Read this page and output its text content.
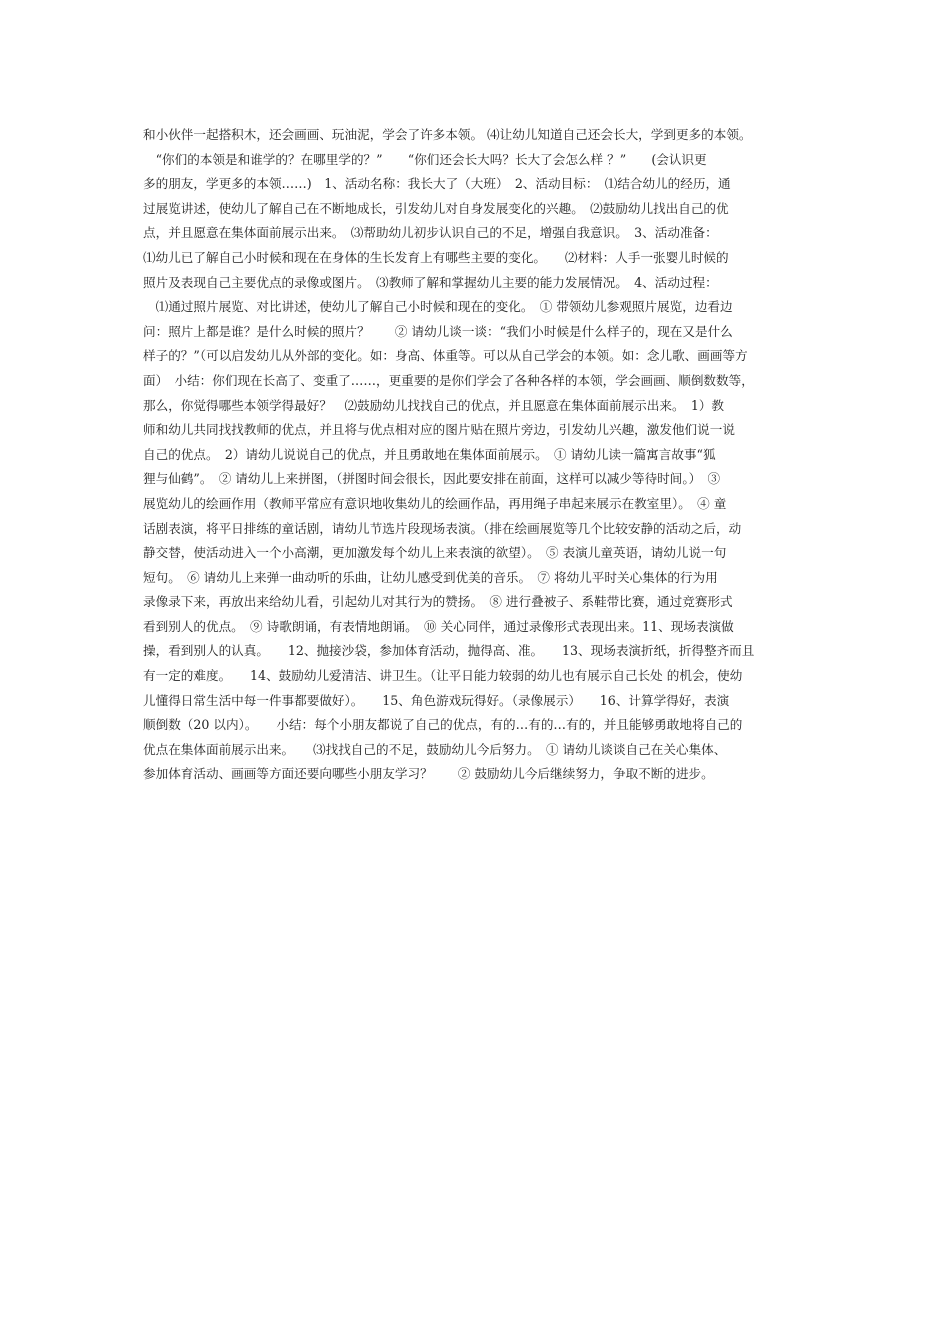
和小伙伴一起搭积木，还会画画、玩油泥，学会了许多本领。 ⑷让幼儿知道自己还会长大，学到更多的本领。
　“你们的本领是和谁学的？在哪里学的？”　　“你们还会长大吗？长大了会怎么样 ？”　　(会认识更
多的朋友，学更多的本领……)　1、活动名称：我长大了（大班）　2、活动目标：　⑴结合幼儿的经历，通
过展览讲述，使幼儿了解自己在不断地成长，引发幼儿对自身发展变化的兴趣。　⑵鼓励幼儿找出自己的优
点，并且愿意在集体面前展示出来。　⑶帮助幼儿初步认识自己的不足，增强自我意识。　3、活动准备：
⑴幼儿已了解自己小时候和现在在身体的生长发育上有哪些主要的变化。　　⑵材料：人手一张婴儿时候的
照片及表现自己主要优点的录像或图片。　⑶教师了解和掌握幼儿主要的能力发展情况。　4、活动过程：
　⑴通过照片展览、对比讲述，使幼儿了解自己小时候和现在的变化。　① 带领幼儿参观照片展览，边看边
问：照片上都是谁？是什么时候的照片？　　② 请幼儿谈一谈：“我们小时候是什么样子的，现在又是什么
样子的？”（可以启发幼儿从外部的变化。如：身高、体重等。可以从自己学会的本领。如：念儿歌、画画等方
面）　小结：你们现在长高了、变重了……，更重要的是你们学会了各种各样的本领，学会画画、顺倒数数等，
那么，你觉得哪些本领学得最好？　⑵鼓励幼儿找找自己的优点，并且愿意在集体面前展示出来。　1）教
师和幼儿共同找找教师的优点，并且将与优点相对应的图片贴在照片旁边，引发幼儿兴趣，激发他们说一说
自己的优点。　2）请幼儿说说自己的优点，并且勇敢地在集体面前展示。　① 请幼儿读一篇寓言故事“狐
狸与仙鹤”。　② 请幼儿上来拼图，（拼图时间会很长，因此要安排在前面，这样可以减少等待时间。）　③
展览幼儿的绘画作用（教师平常应有意识地收集幼儿的绘画作品，再用绳子串起来展示在教室里）。　④ 童
话剧表演，将平日排练的童话剧，请幼儿节选片段现场表演。（排在绘画展览等几个比较安静的活动之后，动
静交替，使活动进入一个小高潮，更加激发每个幼儿上来表演的欲望）。　⑤ 表演儿童英语，请幼儿说一句
短句。　⑥ 请幼儿上来弹一曲动听的乐曲，让幼儿感受到优美的音乐。　⑦ 将幼儿平时关心集体的行为用
录像录下来，再放出来给幼儿看，引起幼儿对其行为的赞扬。　⑧ 进行叠被子、系鞋带比赛，通过竞赛形式
看到别人的优点。　⑨ 诗歌朗诵，有表情地朗诵。　⑩ 关心同伴，通过录像形式表现出来。11、现场表演做
操，看到别人的认真。　　12、抛接沙袋，参加体育活动，抛得高、准。　　13、现场表演折纸，折得整齐而且
有一定的难度。　　14、鼓励幼儿爱清洁、讲卫生。（让平日能力较弱的幼儿也有展示自己长处 的机会，使幼
儿懂得日常生活中每一件事都要做好）。　　15、角色游戏玩得好。（录像展示）　　16、计算学得好，表演
顺倒数（20 以内）。　　小结：每个小朋友都说了自己的优点，有的…有的…有的，并且能够勇敢地将自己的
优点在集体面前展示出来。　　⑶找找自己的不足，鼓励幼儿今后努力。　① 请幼儿谈谈自己在关心集体、
参加体育活动、画画等方面还要向哪些小朋友学习？　　② 鼓励幼儿今后继续努力，争取不断的进步。
